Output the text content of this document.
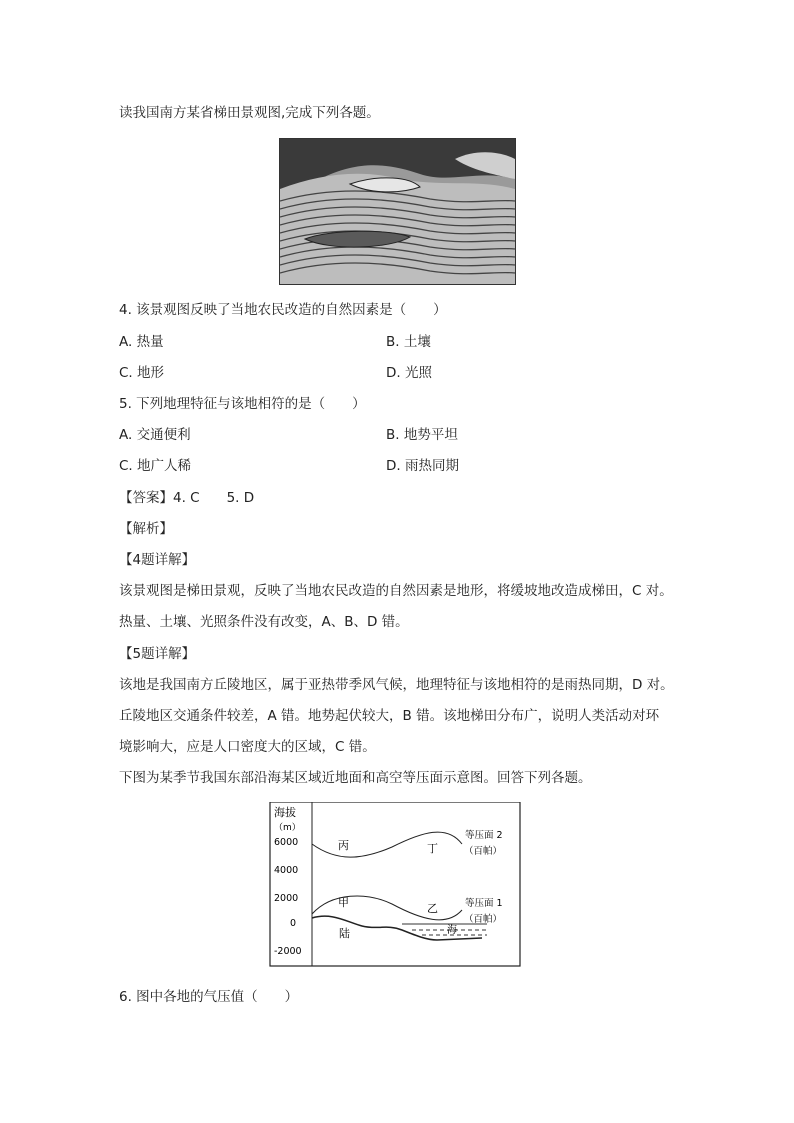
读我国南方某省梯田景观图,完成下列各题。
4. 该景观图反映了当地农民改造的自然因素是（　　）
A. 热量	B. 土壤
C. 地形	D. 光照
5. 下列地理特征与该地相符的是（　　）
A. 交通便利	B. 地势平坦
C. 地广人稀	D. 雨热同期
【答案】4. C　　5. D
【解析】
【4题详解】
该景观图是梯田景观，反映了当地农民改造的自然因素是地形，将缓坡地改造成梯田，C 对。
热量、土壤、光照条件没有改变，A、B、D 错。
【5题详解】
该地是我国南方丘陵地区，属于亚热带季风气候，地理特征与该地相符的是雨热同期，D 对。
丘陵地区交通条件较差，A 错。地势起伏较大，B 错。该地梯田分布广，说明人类活动对环
境影响大，应是人口密度大的区域，C 错。
下图为某季节我国东部沿海某区域近地面和高空等压面示意图。回答下列各题。
海拔
（m）
6000
4000
2000
0
-2000
丙	丁
甲	乙
陆	海
等压面 2
（百帕）
等压面 1
（百帕）
6. 图中各地的气压值（　　）
